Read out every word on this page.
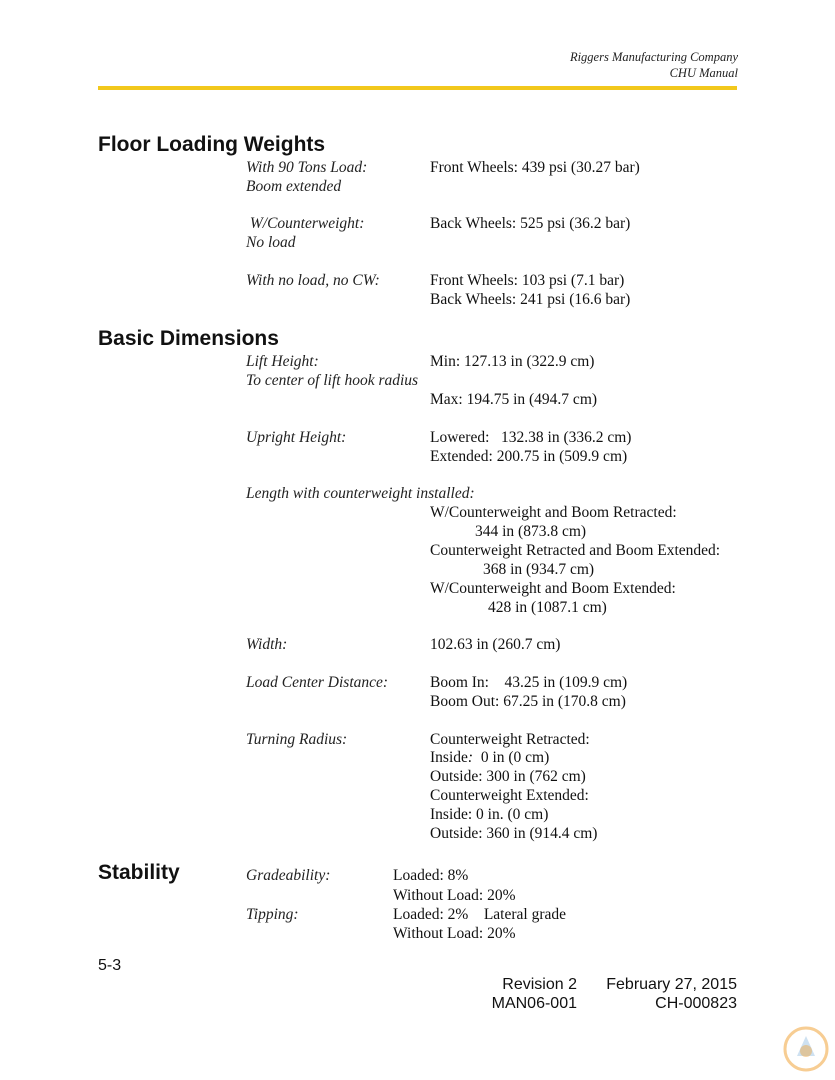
Riggers Manufacturing Company
CHU Manual
Floor Loading Weights
With 90 Tons Load:	Front Wheels: 439 psi (30.27 bar)
Boom extended
W/Counterweight:	Back Wheels: 525 psi (36.2 bar)
No load
With no load, no CW:	Front Wheels: 103 psi (7.1 bar)
Back Wheels: 241 psi (16.6 bar)
Basic Dimensions
Lift Height:	Min: 127.13 in (322.9 cm)
To center of lift hook radius
Max: 194.75 in (494.7 cm)
Upright Height:	Lowered:   132.38 in (336.2 cm)
Extended: 200.75 in (509.9 cm)
Length with counterweight installed:
W/Counterweight and Boom Retracted:
344 in (873.8 cm)
Counterweight Retracted and Boom Extended:
368 in (934.7 cm)
W/Counterweight and Boom Extended:
428 in (1087.1 cm)
Width:	102.63 in (260.7 cm)
Load Center Distance:	Boom In:    43.25 in (109.9 cm)
Boom Out: 67.25 in (170.8 cm)
Turning Radius:	Counterweight Retracted:
Inside:  0 in (0 cm)
Outside: 300 in (762 cm)
Counterweight Extended:
Inside: 0 in. (0 cm)
Outside: 360 in (914.4 cm)
Stability	Gradeability:	Loaded: 8%
Without Load: 20%
Tipping:	Loaded: 2%    Lateral grade
Without Load: 20%
5-3
Revision 2 February 27, 2015
MAN06-001	CH-000823
